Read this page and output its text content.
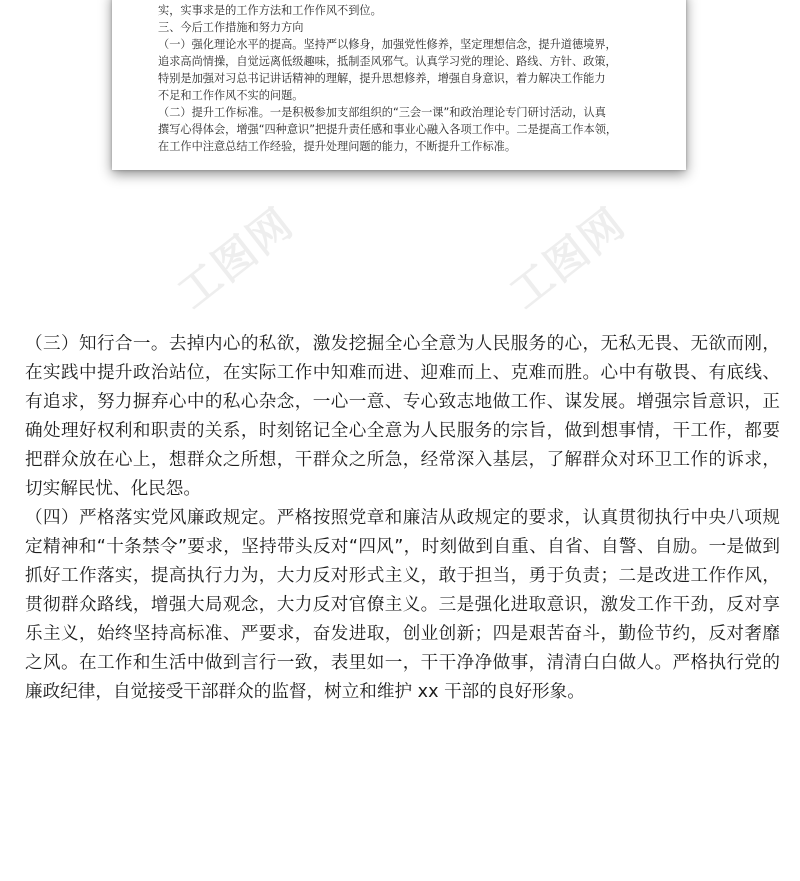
实，实事求是的工作方法和工作作风不到位。

三、今后工作措施和努力方向

（一）强化理论水平的提高。坚持严以修身，加强党性修养，坚定理想信念，提升道德境界，

追求高尚情操，自觉远离低级趣味，抵制歪风邪气。认真学习党的理论、路线、方针、政策，

特别是加强对习总书记讲话精神的理解，提升思想修养，增强自身意识，着力解决工作能力

不足和工作作风不实的问题。

（二）提升工作标准。一是积极参加支部组织的“三会一课”和政治理论专门研讨活动，认真

撰写心得体会，增强“四种意识”把提升责任感和事业心融入各项工作中。二是提高工作本领，

在工作中注意总结工作经验，提升处理问题的能力，不断提升工作标准。

工图网	工图网

（三）知行合一。去掉内心的私欲，激发挖掘全心全意为人民服务的心，无私无畏、无欲而刚，在实践中提升政治站位，在实际工作中知难而进、迎难而上、克难而胜。心中有敬畏、有底线、有追求，努力摒弃心中的私心杂念，一心一意、专心致志地做工作、谋发展。增强宗旨意识，正确处理好权利和职责的关系，时刻铭记全心全意为人民服务的宗旨，做到想事情，干工作，都要把群众放在心上，想群众之所想，干群众之所急，经常深入基层，了解群众对环卫工作的诉求，切实解民忧、化民怨。

（四）严格落实党风廉政规定。严格按照党章和廉洁从政规定的要求，认真贯彻执行中央八项规定精神和“十条禁令”要求，坚持带头反对“四风”，时刻做到自重、自省、自警、自励。一是做到抓好工作落实，提高执行力为，大力反对形式主义，敢于担当，勇于负责；二是改进工作作风，贯彻群众路线，增强大局观念，大力反对官僚主义。三是强化进取意识，激发工作干劲，反对享乐主义，始终坚持高标准、严要求，奋发进取，创业创新；四是艰苦奋斗，勤俭节约，反对奢靡之风。在工作和生活中做到言行一致，表里如一，干干净净做事，清清白白做人。严格执行党的廉政纪律，自觉接受干部群众的监督，树立和维护 xx 干部的良好形象。
